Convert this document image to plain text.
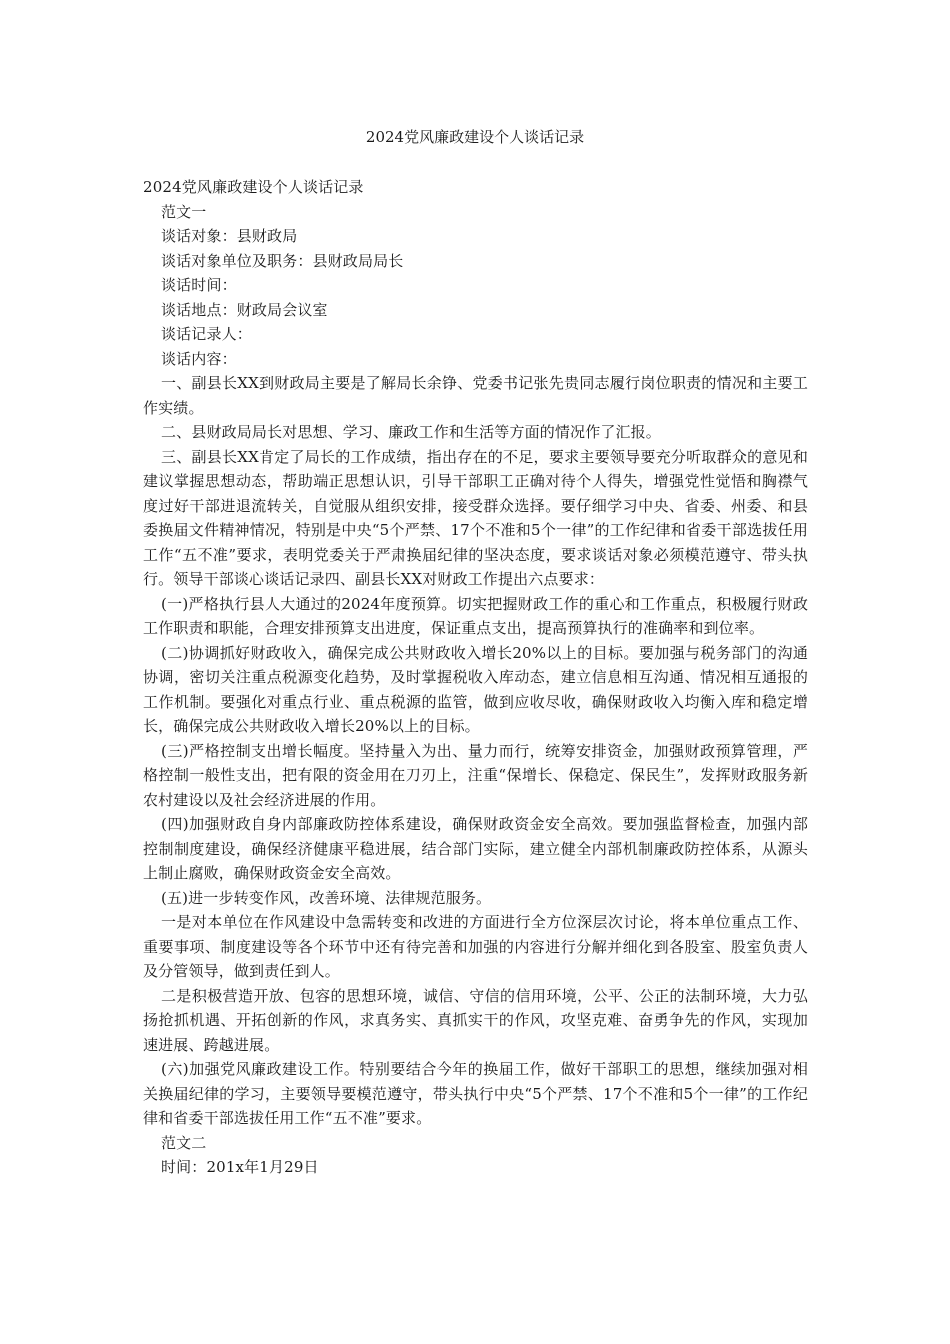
2024党风廉政建设个人谈话记录

2024党风廉政建设个人谈话记录

范文一

谈话对象：县财政局

谈话对象单位及职务：县财政局局长

谈话时间：

谈话地点：财政局会议室

谈话记录人：

谈话内容：

一、副县长XX到财政局主要是了解局长余铮、党委书记张先贵同志履行岗位职责的情况和主要工作实绩。

二、县财政局局长对思想、学习、廉政工作和生活等方面的情况作了汇报。

三、副县长XX肯定了局长的工作成绩，指出存在的不足，要求主要领导要充分听取群众的意见和建议掌握思想动态，帮助端正思想认识，引导干部职工正确对待个人得失，增强党性觉悟和胸襟气度过好干部进退流转关，自觉服从组织安排，接受群众选择。要仔细学习中央、省委、州委、和县委换届文件精神情况，特别是中央“5个严禁、17个不准和5个一律”的工作纪律和省委干部选拔任用工作“五不准”要求，表明党委关于严肃换届纪律的坚决态度，要求谈话对象必须模范遵守、带头执行。领导干部谈心谈话记录四、副县长XX对财政工作提出六点要求：

(一)严格执行县人大通过的2024年度预算。切实把握财政工作的重心和工作重点，积极履行财政工作职责和职能，合理安排预算支出进度，保证重点支出，提高预算执行的准确率和到位率。

(二)协调抓好财政收入，确保完成公共财政收入增长20%以上的目标。要加强与税务部门的沟通协调，密切关注重点税源变化趋势，及时掌握税收入库动态，建立信息相互沟通、情况相互通报的工作机制。要强化对重点行业、重点税源的监管，做到应收尽收，确保财政收入均衡入库和稳定增长，确保完成公共财政收入增长20%以上的目标。

(三)严格控制支出增长幅度。坚持量入为出、量力而行，统筹安排资金，加强财政预算管理，严格控制一般性支出，把有限的资金用在刀刃上，注重“保增长、保稳定、保民生”，发挥财政服务新农村建设以及社会经济进展的作用。

(四)加强财政自身内部廉政防控体系建设，确保财政资金安全高效。要加强监督检查，加强内部控制制度建设，确保经济健康平稳进展，结合部门实际，建立健全内部机制廉政防控体系，从源头上制止腐败，确保财政资金安全高效。

(五)进一步转变作风，改善环境、法律规范服务。

一是对本单位在作风建设中急需转变和改进的方面进行全方位深层次讨论，将本单位重点工作、重要事项、制度建设等各个环节中还有待完善和加强的内容进行分解并细化到各股室、股室负责人及分管领导，做到责任到人。

二是积极营造开放、包容的思想环境，诚信、守信的信用环境，公平、公正的法制环境，大力弘扬抢抓机遇、开拓创新的作风，求真务实、真抓实干的作风，攻坚克难、奋勇争先的作风，实现加速进展、跨越进展。

(六)加强党风廉政建设工作。特别要结合今年的换届工作，做好干部职工的思想，继续加强对相关换届纪律的学习，主要领导要模范遵守，带头执行中央“5个严禁、17个不准和5个一律”的工作纪律和省委干部选拔任用工作“五不准”要求。

范文二

时间：201x年1月29日
